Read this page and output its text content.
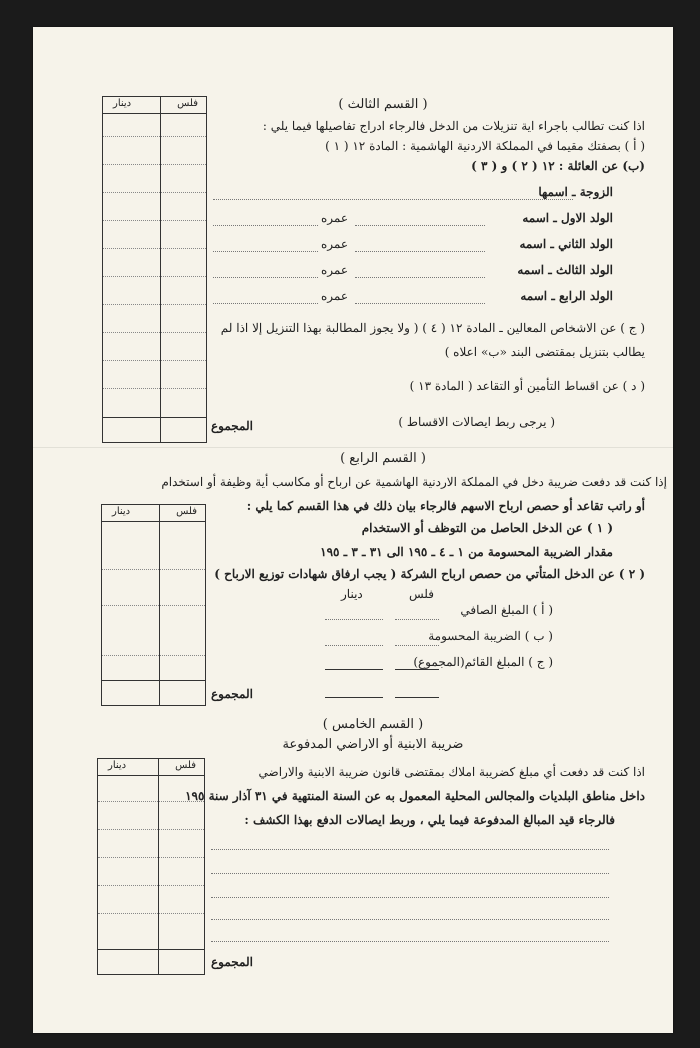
فلس
دينار
المجموع
( القسم الثالث )
اذا كنت تطالب باجراء اية تنزيلات من الدخل فالرجاء ادراج تفاصيلها فيما يلي :
( أ ) بصفتك مقيما في المملكة الاردنية الهاشمية : المادة ١٢ ( ١ )
(ب) عن العائلة : ١٢ ( ٢ ) و ( ٣ )
الزوجة ـ اسمها
الولد الاول ـ اسمه
عمره
الولد الثاني ـ اسمه
عمره
الولد الثالث ـ اسمه
عمره
الولد الرابع ـ اسمه
عمره
( ج ) عن الاشخاص المعالين ـ المادة ١٢ ( ٤ ) ( ولا يجوز المطالبة بهذا التنزيل إلا اذا لم
يطالب بتنزيل بمقتضى البند «ب» اعلاه )
( د ) عن اقساط التأمين أو التقاعد ( المادة ١٣ )
( يرجى ربط ايصالات الاقساط )
( القسم الرابع )
إذا كنت قد دفعت ضريبة دخل في المملكة الاردنية الهاشمية عن ارباح أو مكاسب أية وظيفة أو استخدام
أو راتب تقاعد أو حصص ارباح الاسهم فالرجاء بيان ذلك في هذا القسم كما يلي :
فلس
دينار
المجموع
( ١ ) عن الدخل الحاصل من التوظف أو الاستخدام
مقدار الضريبة المحسومة من ١ ـ ٤ ـ ١٩٥ الى ٣١ ـ ٣ ـ ١٩٥
( ٢ ) عن الدخل المتأتي من حصص ارباح الشركة ( يجب ارفاق شهادات توزيع الارباح )
دينار	فلس
( أ ) المبلغ الصافي
( ب ) الضريبة المحسومة
( ج ) المبلغ القائم(المجموع)
( القسم الخامس )
ضريبة الابنية أو الاراضي المدفوعة
اذا كنت قد دفعت أي مبلغ كضريبة املاك بمقتضى قانون ضريبة الابنية والاراضي
داخل مناطق البلديات والمجالس المحلية المعمول به عن السنة المنتهية في ٣١ آذار سنة ١٩٥
فالرجاء قيد المبالغ المدفوعة فيما يلي ، وربط ايصالات الدفع بهذا الكشف :
فلس
دينار
المجموع
